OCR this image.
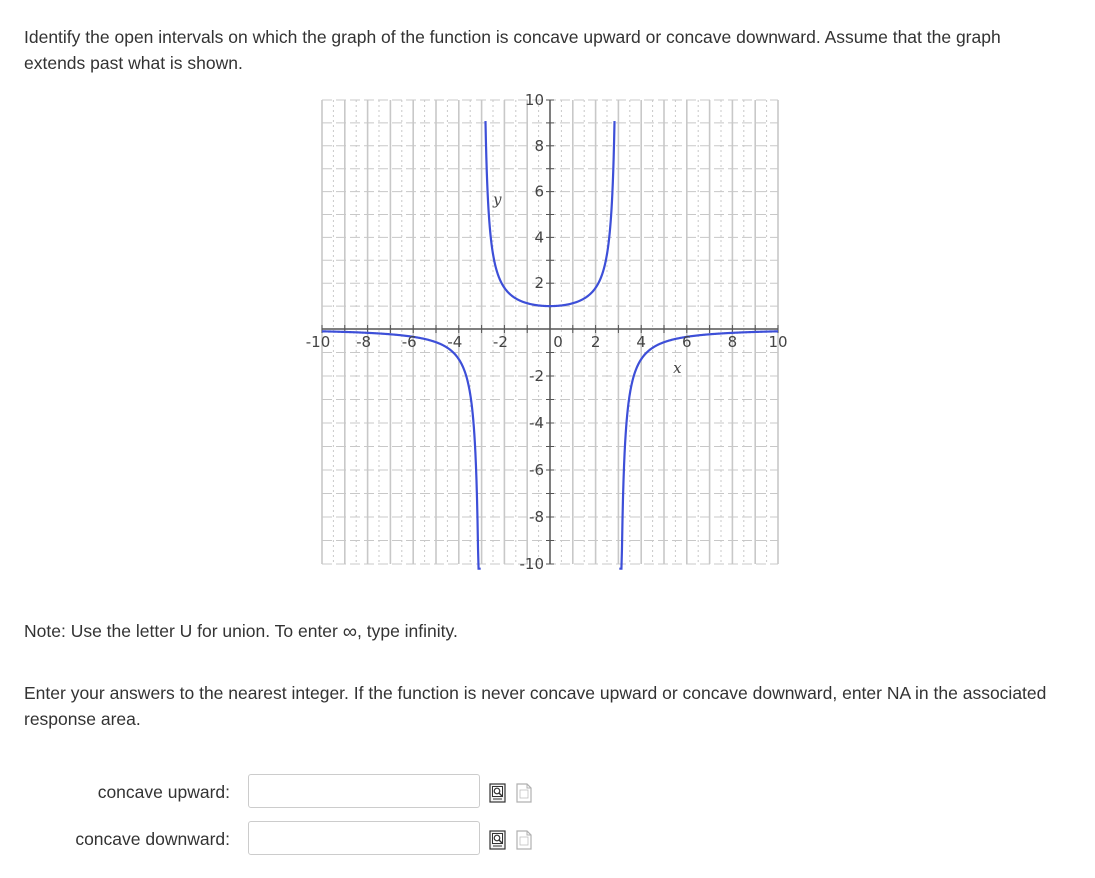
Identify the open intervals on which the graph of the function is concave upward or concave downward. Assume that the graph extends past what is shown.

-10 -8 -6 -4 -2	0 2 4 6 8 10
10
8
6
4
2
-2
-4
-6
-8
-10
y
x

Note: Use the letter U for union. To enter ∞, type infinity.

Enter your answers to the nearest integer. If the function is never concave upward or concave downward, enter NA in the associated response area.

concave upward:
concave downward:
